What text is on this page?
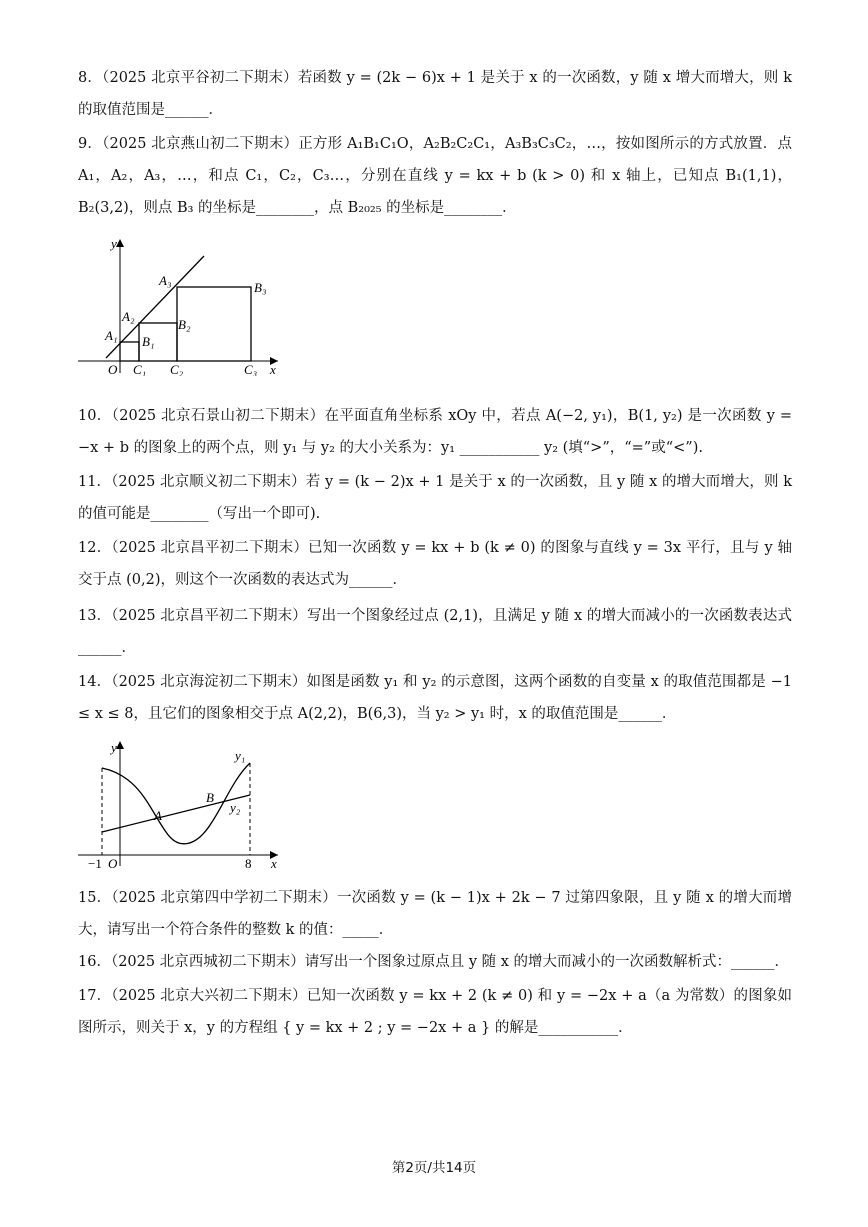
8．（2025 北京平谷初二下期末）若函数 y = (2k − 6)x + 1 是关于 x 的一次函数，y 随 x 增大而增大，则 k 的取值范围是______．

9．（2025 北京燕山初二下期末）正方形 A₁B₁C₁O，A₂B₂C₂C₁，A₃B₃C₃C₂，…，按如图所示的方式放置．点 A₁，A₂，A₃，…，和点 C₁，C₂，C₃…，分别在直线 y = kx + b (k > 0) 和 x 轴上，已知点 B₁(1,1)，B₂(3,2)，则点 B₃ 的坐标是________，点 B₂₀₂₅ 的坐标是________．

y
x
O
A₁
A₂
A₃
B₁
B₂
B₃
C₁ C₂	C₃

10．（2025 北京石景山初二下期末）在平面直角坐标系 xOy 中，若点 A(−2, y₁)，B(1, y₂) 是一次函数 y = −x + b 的图象上的两个点，则 y₁ 与 y₂ 的大小关系为：y₁ ___________ y₂ (填“>”，“=”或“<”).

11．（2025 北京顺义初二下期末）若 y = (k − 2)x + 1 是关于 x 的一次函数，且 y 随 x 的增大而增大，则 k 的值可能是________（写出一个即可).

12．（2025 北京昌平初二下期末）已知一次函数 y = kx + b (k ≠ 0) 的图象与直线 y = 3x 平行，且与 y 轴交于点 (0,2)，则这个一次函数的表达式为______．

13．（2025 北京昌平初二下期末）写出一个图象经过点 (2,1)，且满足 y 随 x 的增大而减小的一次函数表达式______．

14．（2025 北京海淀初二下期末）如图是函数 y₁ 和 y₂ 的示意图，这两个函数的自变量 x 的取值范围都是 −1 ≤ x ≤ 8，且它们的图象相交于点 A(2,2)，B(6,3)，当 y₂ > y₁ 时，x 的取值范围是______．

y
x
−1 O	8
A
B
y₁
y₂

15．（2025 北京第四中学初二下期末）一次函数 y = (k − 1)x + 2k − 7 过第四象限，且 y 随 x 的增大而增大，请写出一个符合条件的整数 k 的值：_____．

16．（2025 北京西城初二下期末）请写出一个图象过原点且 y 随 x 的增大而减小的一次函数解析式：______．

17．（2025 北京大兴初二下期末）已知一次函数 y = kx + 2 (k ≠ 0) 和 y = −2x + a（a 为常数）的图象如图所示，则关于 x，y 的方程组 { y = kx + 2 ; y = −2x + a } 的解是___________．

第2页/共14页
